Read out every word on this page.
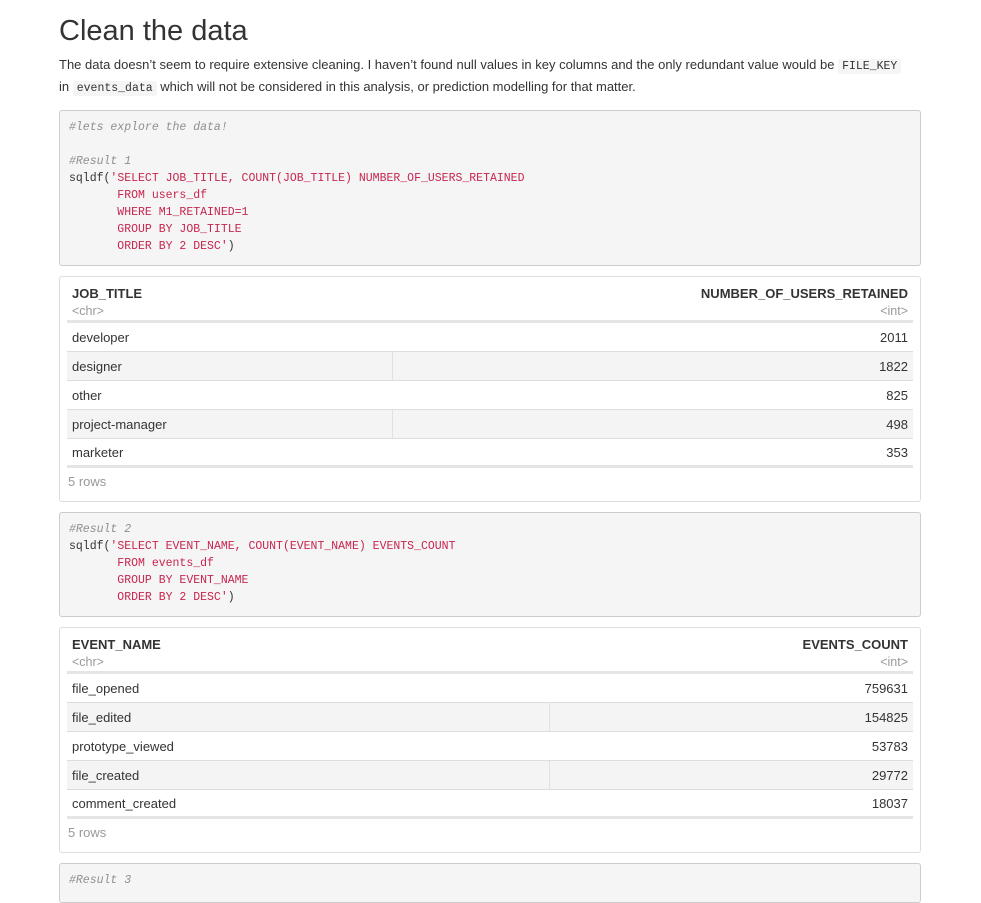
Clean the data

The data doesn’t seem to require extensive cleaning. I haven’t found null values in key columns and the only redundant value would be FILE_KEY
in events_data which will not be considered in this analysis, or prediction modelling for that matter.

#lets explore the data!

#Result 1
sqldf('SELECT JOB_TITLE, COUNT(JOB_TITLE) NUMBER_OF_USERS_RETAINED
FROM users_df
WHERE M1_RETAINED=1
GROUP BY JOB_TITLE
ORDER BY 2 DESC')
JOB_TITLE	NUMBER_OF_USERS_RETAINED
<chr>	<int>
developer	2011
designer	1822
other	825
project-manager	498
marketer	353
5 rows
#Result 2
sqldf('SELECT EVENT_NAME, COUNT(EVENT_NAME) EVENTS_COUNT
FROM events_df
GROUP BY EVENT_NAME
ORDER BY 2 DESC')
EVENT_NAME	EVENTS_COUNT
<chr>	<int>
file_opened	759631
file_edited	154825
prototype_viewed	53783
file_created	29772
comment_created	18037
5 rows
#Result 3
